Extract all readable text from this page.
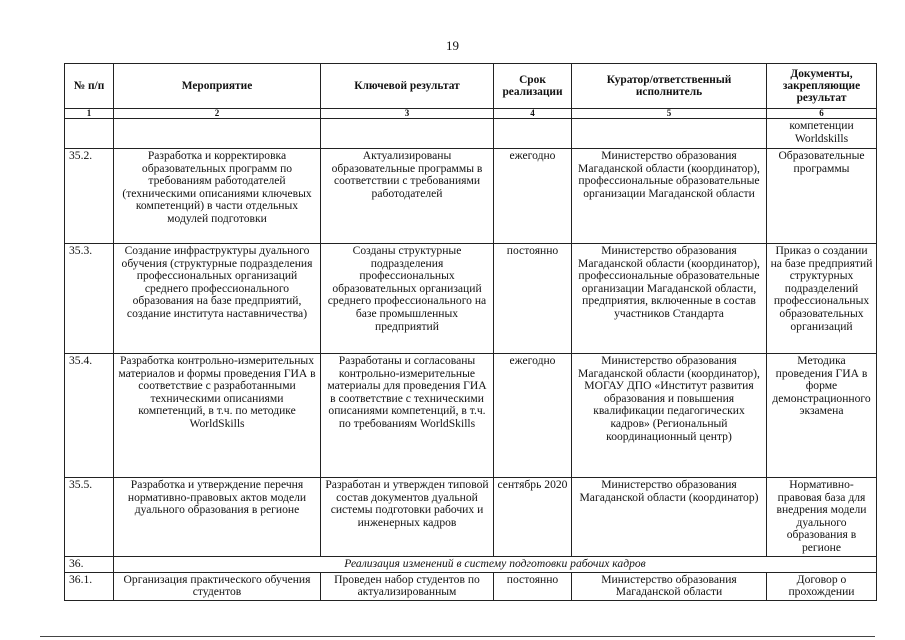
19
№ п/п	Мероприятие	Ключевой результат	Срок реализации	Куратор/ответственный исполнитель	Документы, закрепляющие результат
1	2	3	4	5	6
					компетенции Worldskills
35.2.	Разработка и корректировка образовательных программ по требованиям работодателей (техническими описаниями ключевых компетенций) в части отдельных модулей подготовки	Актуализированы образовательные программы в соответствии с требованиями работодателей	ежегодно	Министерство образования Магаданской области (координатор), профессиональные образовательные организации Магаданской области	Образовательные программы
35.3.	Создание инфраструктуры дуального обучения (структурные подразделения профессиональных организаций среднего профессионального образования на базе предприятий, создание института наставничества)	Созданы структурные подразделения профессиональных образовательных организаций среднего профессионального на базе промышленных предприятий	постоянно	Министерство образования Магаданской области (координатор), профессиональные образовательные организации Магаданской области, предприятия, включенные в состав участников Стандарта	Приказ о создании на базе предприятий структурных подразделений профессиональных образовательных организаций
35.4.	Разработка контрольно-измерительных материалов и формы проведения ГИА в соответствие с разработанными техническими описаниями компетенций, в т.ч. по методике WorldSkills	Разработаны и согласованы контрольно-измерительные материалы для проведения ГИА в соответствие с техническими описаниями компетенций, в т.ч. по требованиям WorldSkills	ежегодно	Министерство образования Магаданской области (координатор), МОГАУ ДПО «Институт развития образования и повышения квалификации педагогических кадров» (Региональный координационный центр)	Методика проведения ГИА в форме демонстрационного экзамена
35.5.	Разработка и утверждение перечня нормативно-правовых актов модели дуального образования в регионе	Разработан и утвержден типовой состав документов дуальной системы подготовки рабочих и инженерных кадров	сентябрь 2020	Министерство образования Магаданской области (координатор)	Нормативно-правовая база для внедрения модели дуального образования в регионе
36.	Реализация изменений в систему подготовки рабочих кадров				
36.1.	Организация практического обучения студентов	Проведен набор студентов по актуализированным	постоянно	Министерство образования Магаданской области	Договор о прохождении
